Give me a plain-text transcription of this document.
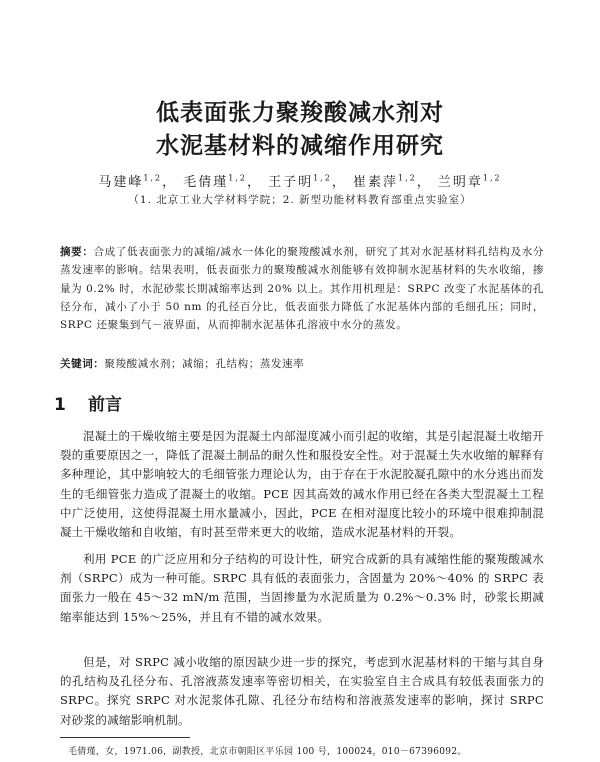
低表面张力聚羧酸减水剂对
水泥基材料的减缩作用研究
马建峰$^{1,2}$， 毛倩瑾$^{1,2}$， 王子明$^{1,2}$， 崔素萍$^{1,2}$， 兰明章$^{1,2}$
（1. 北京工业大学材料学院；2. 新型功能材料教育部重点实验室）
摘要：合成了低表面张力的减缩/减水一体化的聚羧酸减水剂，研究了其对水泥基材料孔结构及水分蒸发速率的影响。结果表明，低表面张力的聚羧酸减水剂能够有效抑制水泥基材料的失水收缩，掺量为 0.2% 时，水泥砂浆长期减缩率达到 20% 以上。其作用机理是：SRPC 改变了水泥基体的孔径分布，减小了小于 50 nm 的孔径百分比，低表面张力降低了水泥基体内部的毛细孔压；同时，SRPC 还聚集到气－液界面，从而抑制水泥基体孔溶液中水分的蒸发。
关键词：聚羧酸减水剂；减缩；孔结构；蒸发速率
1 前言

混凝土的干燥收缩主要是因为混凝土内部湿度减小而引起的收缩，其是引起混凝土收缩开裂的重要原因之一，降低了混凝土制品的耐久性和服役安全性。对于混凝土失水收缩的解释有多种理论，其中影响较大的毛细管张力理论认为，由于存在于水泥胶凝孔隙中的水分逃出而发生的毛细管张力造成了混凝土的收缩。PCE 因其高效的减水作用已经在各类大型混凝土工程中广泛使用，这使得混凝土用水量减小，因此，PCE 在相对湿度比较小的环境中很难抑制混凝土干燥收缩和自收缩，有时甚至带来更大的收缩，造成水泥基材料的开裂。

利用 PCE 的广泛应用和分子结构的可设计性，研究合成新的具有减缩性能的聚羧酸减水剂（SRPC）成为一种可能。SRPC 具有低的表面张力，含固量为 20%～40% 的 SRPC 表面张力一般在 45～32 mN/m 范围，当固掺量为水泥质量为 0.2%～0.3% 时，砂浆长期减缩率能达到 15%～25%，并且有不错的减水效果。

但是，对 SRPC 减小收缩的原因缺少进一步的探究，考虑到水泥基材料的干缩与其自身的孔结构及孔径分布、孔溶液蒸发速率等密切相关，在实验室自主合成具有较低表面张力的 SRPC。探究 SRPC 对水泥浆体孔隙、孔径分布结构和溶液蒸发速率的影响，探讨 SRPC 对砂浆的减缩影响机制。

毛倩瑾，女，1971.06，副教授，北京市朝阳区平乐园 100 号，100024，010－67396092。
